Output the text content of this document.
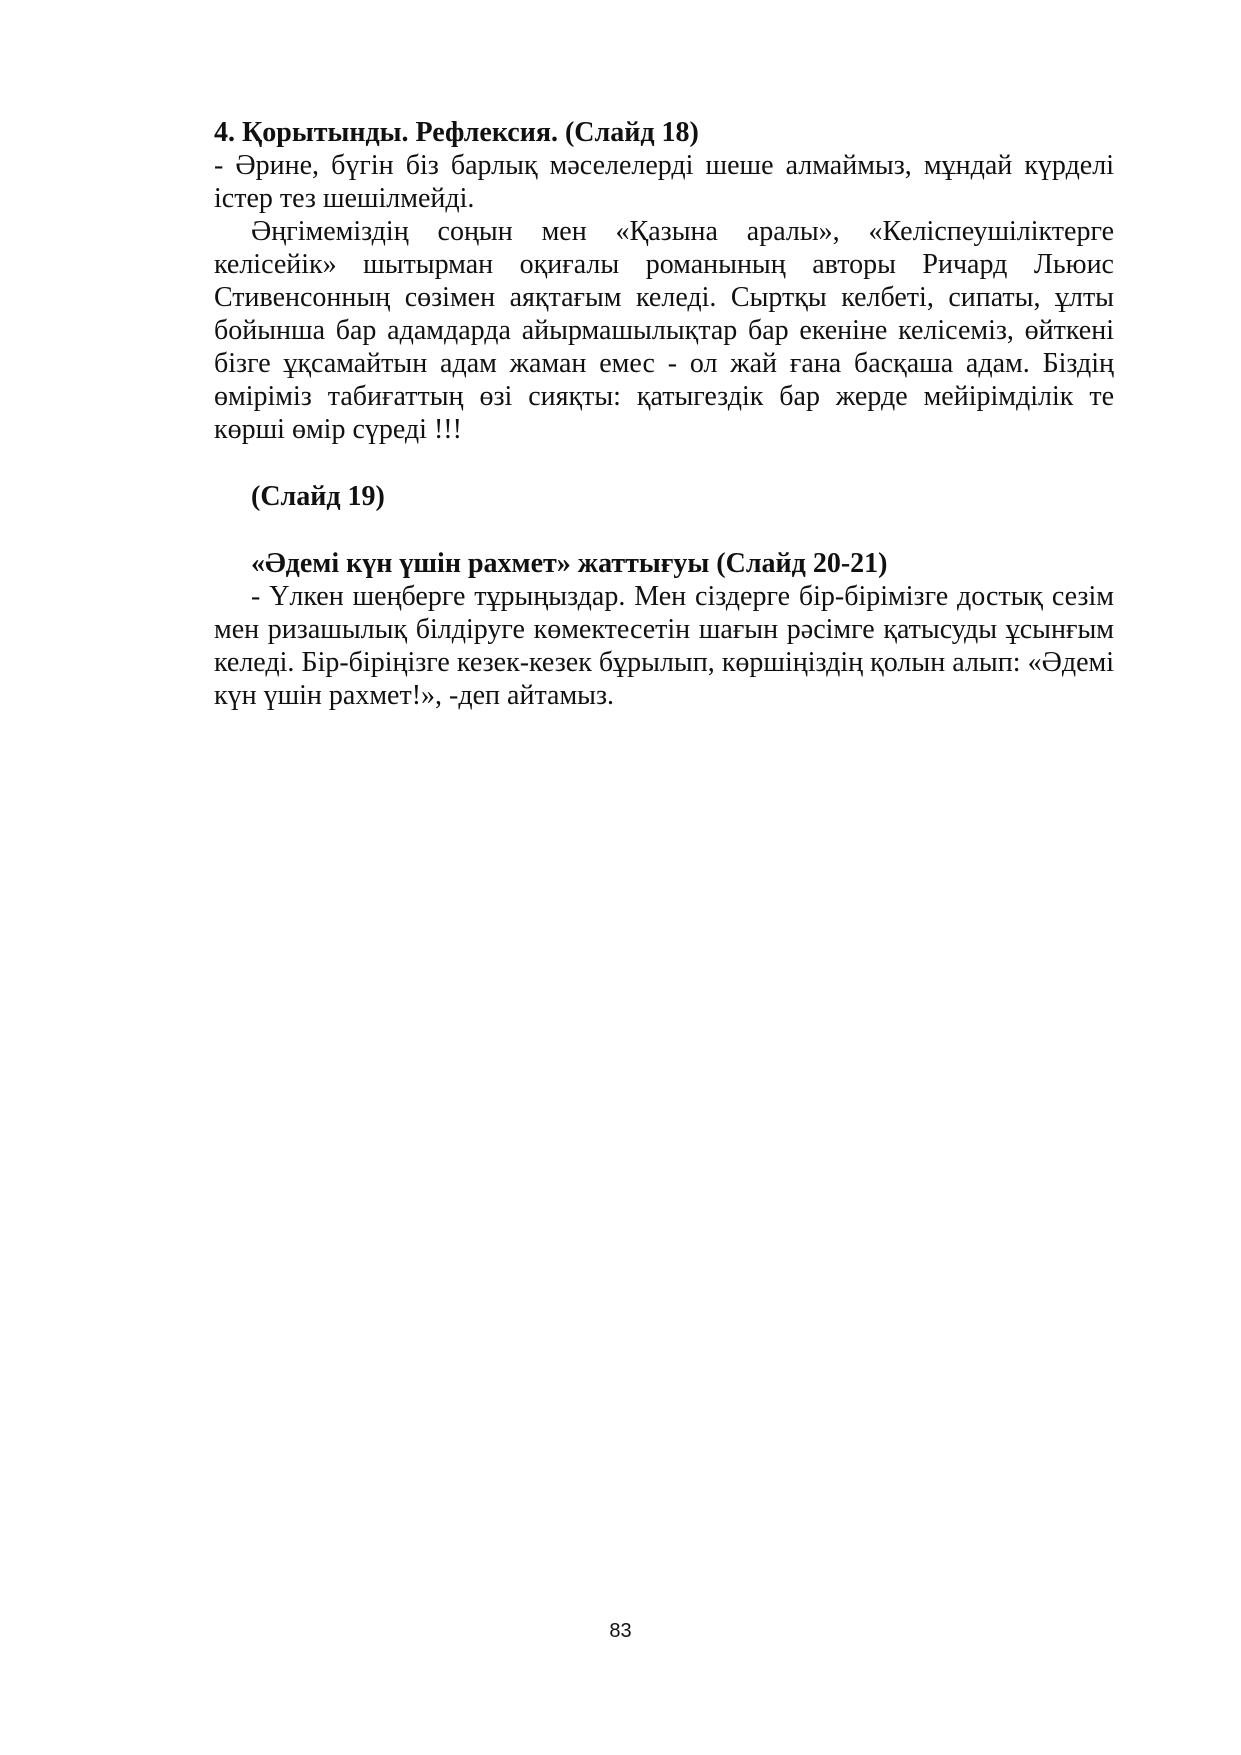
4. Қорытынды. Рефлексия. (Слайд 18)

- Әрине, бүгін біз барлық мәселелерді шеше алмаймыз, мұндай күрделі істер тез шешілмейді.

Әңгімеміздің соңын мен «Қазына аралы», «Келіспеушіліктерге келісейік» шытырман оқиғалы романының авторы Ричард Льюис Стивенсонның сөзімен аяқтағым келеді. Сыртқы келбеті, сипаты, ұлты бойынша бар адамдарда айырмашылықтар бар екеніне келісеміз, өйткені бізге ұқсамайтын адам жаман емес - ол жай ғана басқаша адам. Біздің өміріміз табиғаттың өзі сияқты: қатыгездік бар жерде мейірімділік те көрші өмір сүреді !!!

(Слайд 19)

«Әдемі күн үшін рахмет» жаттығуы (Слайд 20-21)

- Үлкен шеңберге тұрыңыздар. Мен сіздерге бір-бірімізге достық сезім мен ризашылық білдіруге көмектесетін шағын рәсімге қатысуды ұсынғым келеді. Бір-біріңізге кезек-кезек бұрылып, көршіңіздің қолын алып: «Әдемі күн үшін рахмет!», -деп айтамыз.

83
